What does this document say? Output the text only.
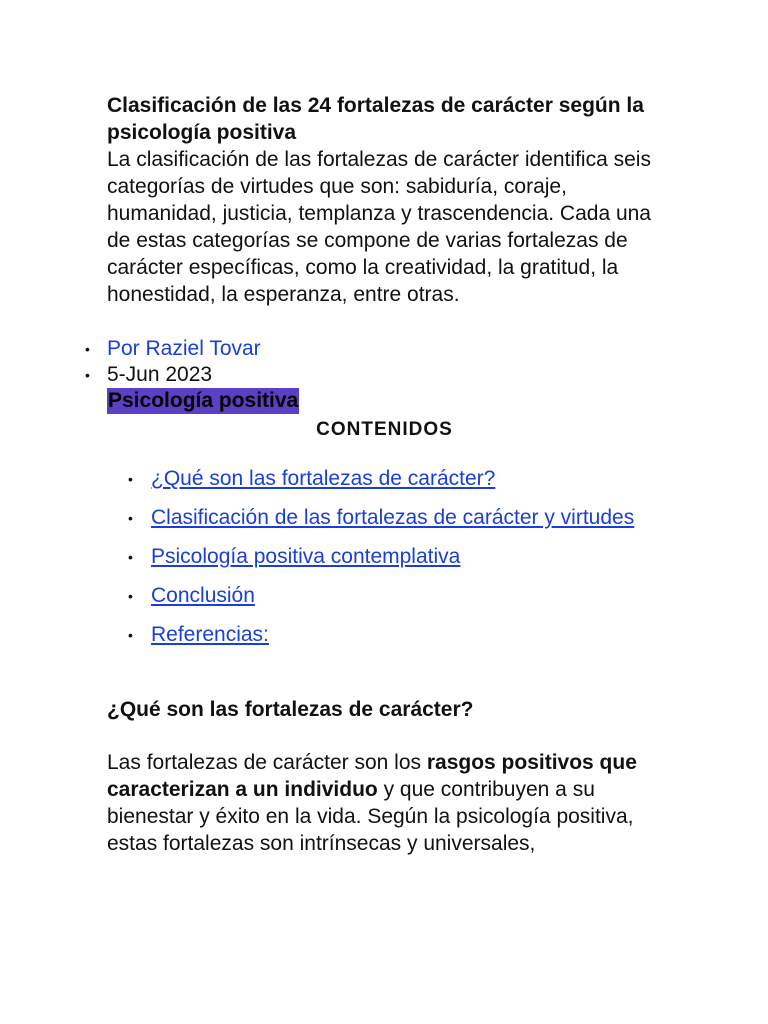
Clasificación de las 24 fortalezas de carácter según la psicología positiva

La clasificación de las fortalezas de carácter identifica seis categorías de virtudes que son: sabiduría, coraje, humanidad, justicia, templanza y trascendencia. Cada una de estas categorías se compone de varias fortalezas de carácter específicas, como la creatividad, la gratitud, la honestidad, la esperanza, entre otras.

• Por Raziel Tovar
• 5-Jun 2023
Psicología positiva

CONTENIDOS

• ¿Qué son las fortalezas de carácter?
• Clasificación de las fortalezas de carácter y virtudes
• Psicología positiva contemplativa
• Conclusión
• Referencias:

¿Qué son las fortalezas de carácter?

Las fortalezas de carácter son los rasgos positivos que caracterizan a un individuo y que contribuyen a su bienestar y éxito en la vida. Según la psicología positiva, estas fortalezas son intrínsecas y universales,
